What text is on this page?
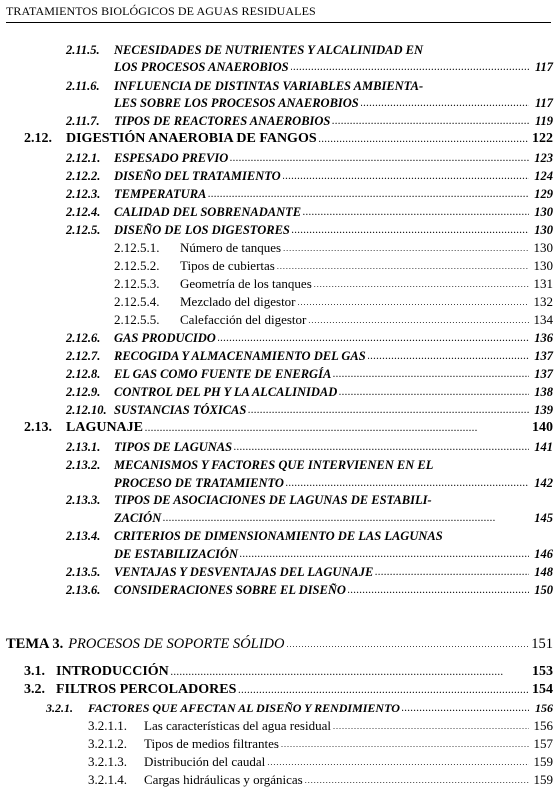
TRATAMIENTOS BIOLÓGICOS DE AGUAS RESIDUALES
2.11.5.	NECESIDADES DE NUTRIENTES Y ALCALINIDAD EN
LOS PROCESOS ANAEROBIOS . . .	117
2.11.6.	INFLUENCIA DE DISTINTAS VARIABLES AMBIENTA-
LES SOBRE LOS PROCESOS ANAEROBIOS . . .	117
2.11.7.	TIPOS DE REACTORES ANAEROBIOS . . .	119
2.12.	DIGESTIÓN ANAEROBIA DE FANGOS . . .	122
2.12.1.	ESPESADO PREVIO . . .	123
2.12.2.	DISEÑO DEL TRATAMIENTO . . .	124
2.12.3.	TEMPERATURA . . .	129
2.12.4.	CALIDAD DEL SOBRENADANTE . . .	130
2.12.5.	DISEÑO DE LOS DIGESTORES . . .	130
2.12.5.1.	Número de tanques . . .	130
2.12.5.2.	Tipos de cubiertas . . .	130
2.12.5.3.	Geometría de los tanques . . .	131
2.12.5.4.	Mezclado del digestor . . .	132
2.12.5.5.	Calefacción del digestor . . .	134
2.12.6.	GAS PRODUCIDO . . .	136
2.12.7.	RECOGIDA Y ALMACENAMIENTO DEL GAS . . .	137
2.12.8.	EL GAS COMO FUENTE DE ENERGÍA . . .	137
2.12.9.	CONTROL DEL PH Y LA ALCALINIDAD . . .	138
2.12.10. SUSTANCIAS TÓXICAS . . .	139
2.13.	LAGUNAJE . . .	140
2.13.1.	TIPOS DE LAGUNAS . . .	141
2.13.2.	MECANISMOS Y FACTORES QUE INTERVIENEN EN EL
PROCESO DE TRATAMIENTO . . .	142
2.13.3.	TIPOS DE ASOCIACIONES DE LAGUNAS DE ESTABILI-
ZACIÓN . . .	145
2.13.4.	CRITERIOS DE DIMENSIONAMIENTO DE LAS LAGUNAS
DE ESTABILIZACIÓN . . .	146
2.13.5.	VENTAJAS Y DESVENTAJAS DEL LAGUNAJE . . .	148
2.13.6.	CONSIDERACIONES SOBRE EL DISEÑO . . .	150
TEMA 3. PROCESOS DE SOPORTE SÓLIDO . . .	151
3.1. INTRODUCCIÓN . . .	153
3.2. FILTROS PERCOLADORES . . .	154
3.2.1.	FACTORES QUE AFECTAN AL DISEÑO Y RENDIMIENTO . . .	156
3.2.1.1.	Las características del agua residual . . .	156
3.2.1.2.	Tipos de medios filtrantes . . .	157
3.2.1.3.	Distribución del caudal . . .	159
3.2.1.4.	Cargas hidráulicas y orgánicas . . .	159
